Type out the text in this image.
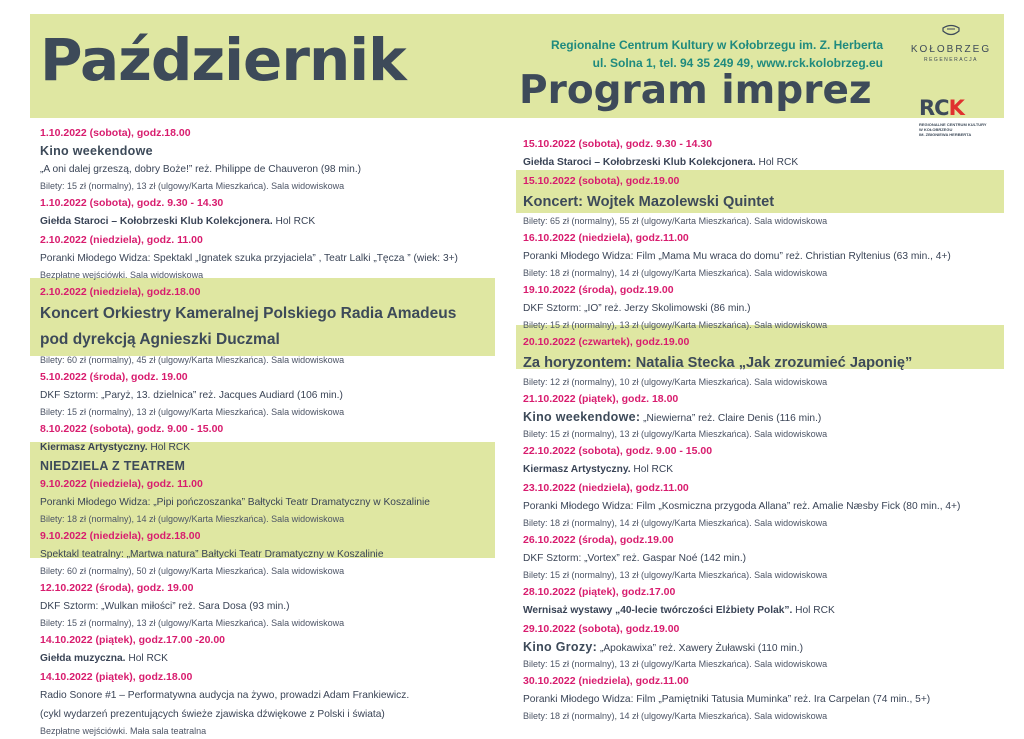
Październik	Regionalne Centrum Kultury w Kołobrzegu im. Z. Herberta
ul. Solna 1, tel. 94 35 249 49, www.rck.kolobrzeg.eu
Program imprez
KOŁOBRZEG
REGENERACJA
RCK
REGIONALNE CENTRUM KULTURY
W KOŁOBRZEGU
IM. ZBIGNIEWA HERBERTA
1.10.2022 (sobota), godz.18.00
Kino weekendowe
„A oni dalej grzeszą, dobry Boże!” reż. Philippe de Chauveron (98 min.)
Bilety: 15 zł (normalny), 13 zł (ulgowy/Karta Mieszkańca). Sala widowiskowa
1.10.2022 (sobota), godz. 9.30 - 14.30
Giełda Staroci – Kołobrzeski Klub Kolekcjonera. Hol RCK
2.10.2022 (niedziela), godz. 11.00
Poranki Młodego Widza: Spektakl „Ignatek szuka przyjaciela” , Teatr Lalki „Tęcza ” (wiek: 3+)
Bezpłatne wejściówki. Sala widowiskowa
2.10.2022 (niedziela), godz.18.00
Koncert Orkiestry Kameralnej Polskiego Radia Amadeus
pod dyrekcją Agnieszki Duczmal
Bilety: 60 zł (normalny), 45 zł (ulgowy/Karta Mieszkańca). Sala widowiskowa
5.10.2022 (środa), godz. 19.00
DKF Sztorm: „Paryż, 13. dzielnica” reż. Jacques Audiard (106 min.)
Bilety: 15 zł (normalny), 13 zł (ulgowy/Karta Mieszkańca). Sala widowiskowa
8.10.2022 (sobota), godz. 9.00 - 15.00
Kiermasz Artystyczny. Hol RCK
NIEDZIELA Z TEATREM
9.10.2022 (niedziela), godz. 11.00
Poranki Młodego Widza: „Pipi pończoszanka” Bałtycki Teatr Dramatyczny w Koszalinie
Bilety: 18 zł (normalny), 14 zł (ulgowy/Karta Mieszkańca). Sala widowiskowa
9.10.2022 (niedziela), godz.18.00
Spektakl teatralny: „Martwa natura” Bałtycki Teatr Dramatyczny w Koszalinie
Bilety: 60 zł (normalny), 50 zł (ulgowy/Karta Mieszkańca). Sala widowiskowa
12.10.2022 (środa), godz. 19.00
DKF Sztorm: „Wulkan miłości” reż. Sara Dosa (93 min.)
Bilety: 15 zł (normalny), 13 zł (ulgowy/Karta Mieszkańca). Sala widowiskowa
14.10.2022 (piątek), godz.17.00 -20.00
Giełda muzyczna. Hol RCK
14.10.2022 (piątek), godz.18.00
Radio Sonore #1 – Performatywna audycja na żywo, prowadzi Adam Frankiewicz.
(cykl wydarzeń prezentujących świeże zjawiska dźwiękowe z Polski i świata)
Bezpłatne wejściówki. Mała sala teatralna
15.10.2022 (sobota), godz. 9.30 - 14.30
Giełda Staroci – Kołobrzeski Klub Kolekcjonera. Hol RCK
15.10.2022 (sobota), godz.19.00
Koncert: Wojtek Mazolewski Quintet
Bilety: 65 zł (normalny), 55 zł (ulgowy/Karta Mieszkańca). Sala widowiskowa
16.10.2022 (niedziela), godz.11.00
Poranki Młodego Widza: Film „Mama Mu wraca do domu” reż. Christian Ryltenius (63 min., 4+)
Bilety: 18 zł (normalny), 14 zł (ulgowy/Karta Mieszkańca). Sala widowiskowa
19.10.2022 (środa), godz.19.00
DKF Sztorm: „IO” reż. Jerzy Skolimowski (86 min.)
Bilety: 15 zł (normalny), 13 zł (ulgowy/Karta Mieszkańca). Sala widowiskowa
20.10.2022 (czwartek), godz.19.00
Za horyzontem: Natalia Stecka „Jak zrozumieć Japonię”
Bilety: 12 zł (normalny), 10 zł (ulgowy/Karta Mieszkańca). Sala widowiskowa
21.10.2022 (piątek), godz. 18.00
Kino weekendowe: „Niewierna” reż. Claire Denis (116 min.)
Bilety: 15 zł (normalny), 13 zł (ulgowy/Karta Mieszkańca). Sala widowiskowa
22.10.2022 (sobota), godz. 9.00 - 15.00
Kiermasz Artystyczny. Hol RCK
23.10.2022 (niedziela), godz.11.00
Poranki Młodego Widza: Film „Kosmiczna przygoda Allana” reż. Amalie Næsby Fick (80 min., 4+)
Bilety: 18 zł (normalny), 14 zł (ulgowy/Karta Mieszkańca). Sala widowiskowa
26.10.2022 (środa), godz.19.00
DKF Sztorm: „Vortex” reż. Gaspar Noé (142 min.)
Bilety: 15 zł (normalny), 13 zł (ulgowy/Karta Mieszkańca). Sala widowiskowa
28.10.2022 (piątek), godz.17.00
Wernisaż wystawy „40-lecie twórczości Elżbiety Polak”. Hol RCK
29.10.2022 (sobota), godz.19.00
Kino Grozy: „Apokawixa” reż. Xawery Żuławski (110 min.)
Bilety: 15 zł (normalny), 13 zł (ulgowy/Karta Mieszkańca). Sala widowiskowa
30.10.2022 (niedziela), godz.11.00
Poranki Młodego Widza: Film „Pamiętniki Tatusia Muminka” reż. Ira Carpelan (74 min., 5+)
Bilety: 18 zł (normalny), 14 zł (ulgowy/Karta Mieszkańca). Sala widowiskowa
